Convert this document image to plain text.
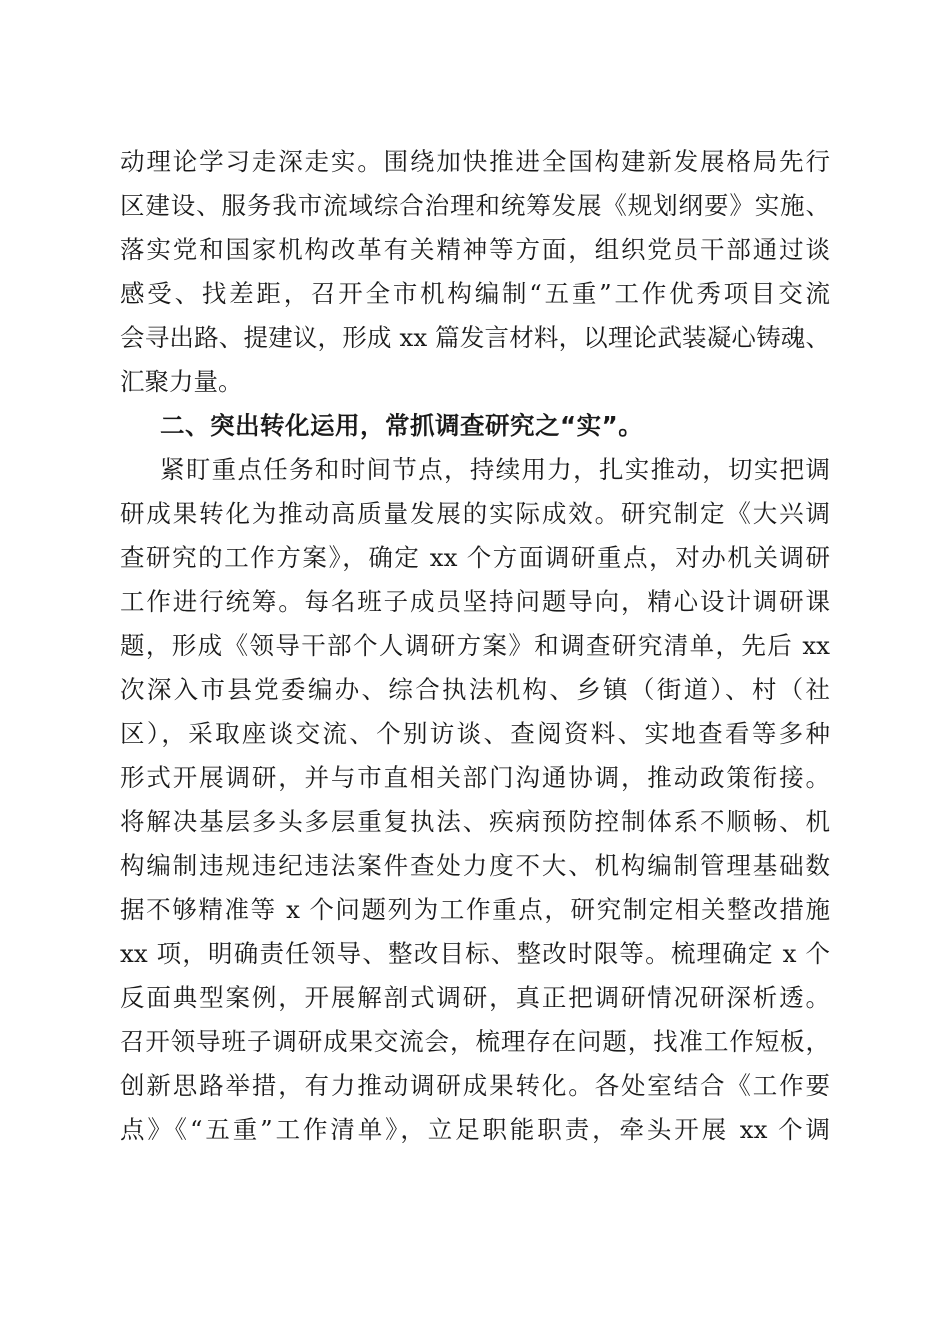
动理论学习走深走实。围绕加快推进全国构建新发展格局先行
区建设、服务我市流域综合治理和统筹发展《规划纲要》实施、
落实党和国家机构改革有关精神等方面，组织党员干部通过谈
感受、找差距，召开全市机构编制“五重”工作优秀项目交流
会寻出路、提建议，形成 xx 篇发言材料，以理论武装凝心铸魂、
汇聚力量。
二、突出转化运用，常抓调查研究之“实”。
紧盯重点任务和时间节点，持续用力，扎实推动，切实把调
研成果转化为推动高质量发展的实际成效。研究制定《大兴调
查研究的工作方案》，确定 xx 个方面调研重点，对办机关调研
工作进行统筹。每名班子成员坚持问题导向，精心设计调研课
题，形成《领导干部个人调研方案》和调查研究清单，先后 xx
次深入市县党委编办、综合执法机构、乡镇（街道）、村（社
区），采取座谈交流、个别访谈、查阅资料、实地查看等多种
形式开展调研，并与市直相关部门沟通协调，推动政策衔接。
将解决基层多头多层重复执法、疾病预防控制体系不顺畅、机
构编制违规违纪违法案件查处力度不大、机构编制管理基础数
据不够精准等 x 个问题列为工作重点，研究制定相关整改措施
xx 项，明确责任领导、整改目标、整改时限等。梳理确定 x 个
反面典型案例，开展解剖式调研，真正把调研情况研深析透。
召开领导班子调研成果交流会，梳理存在问题，找准工作短板，
创新思路举措，有力推动调研成果转化。各处室结合《工作要
点》《“五重”工作清单》，立足职能职责，牵头开展 xx 个调
